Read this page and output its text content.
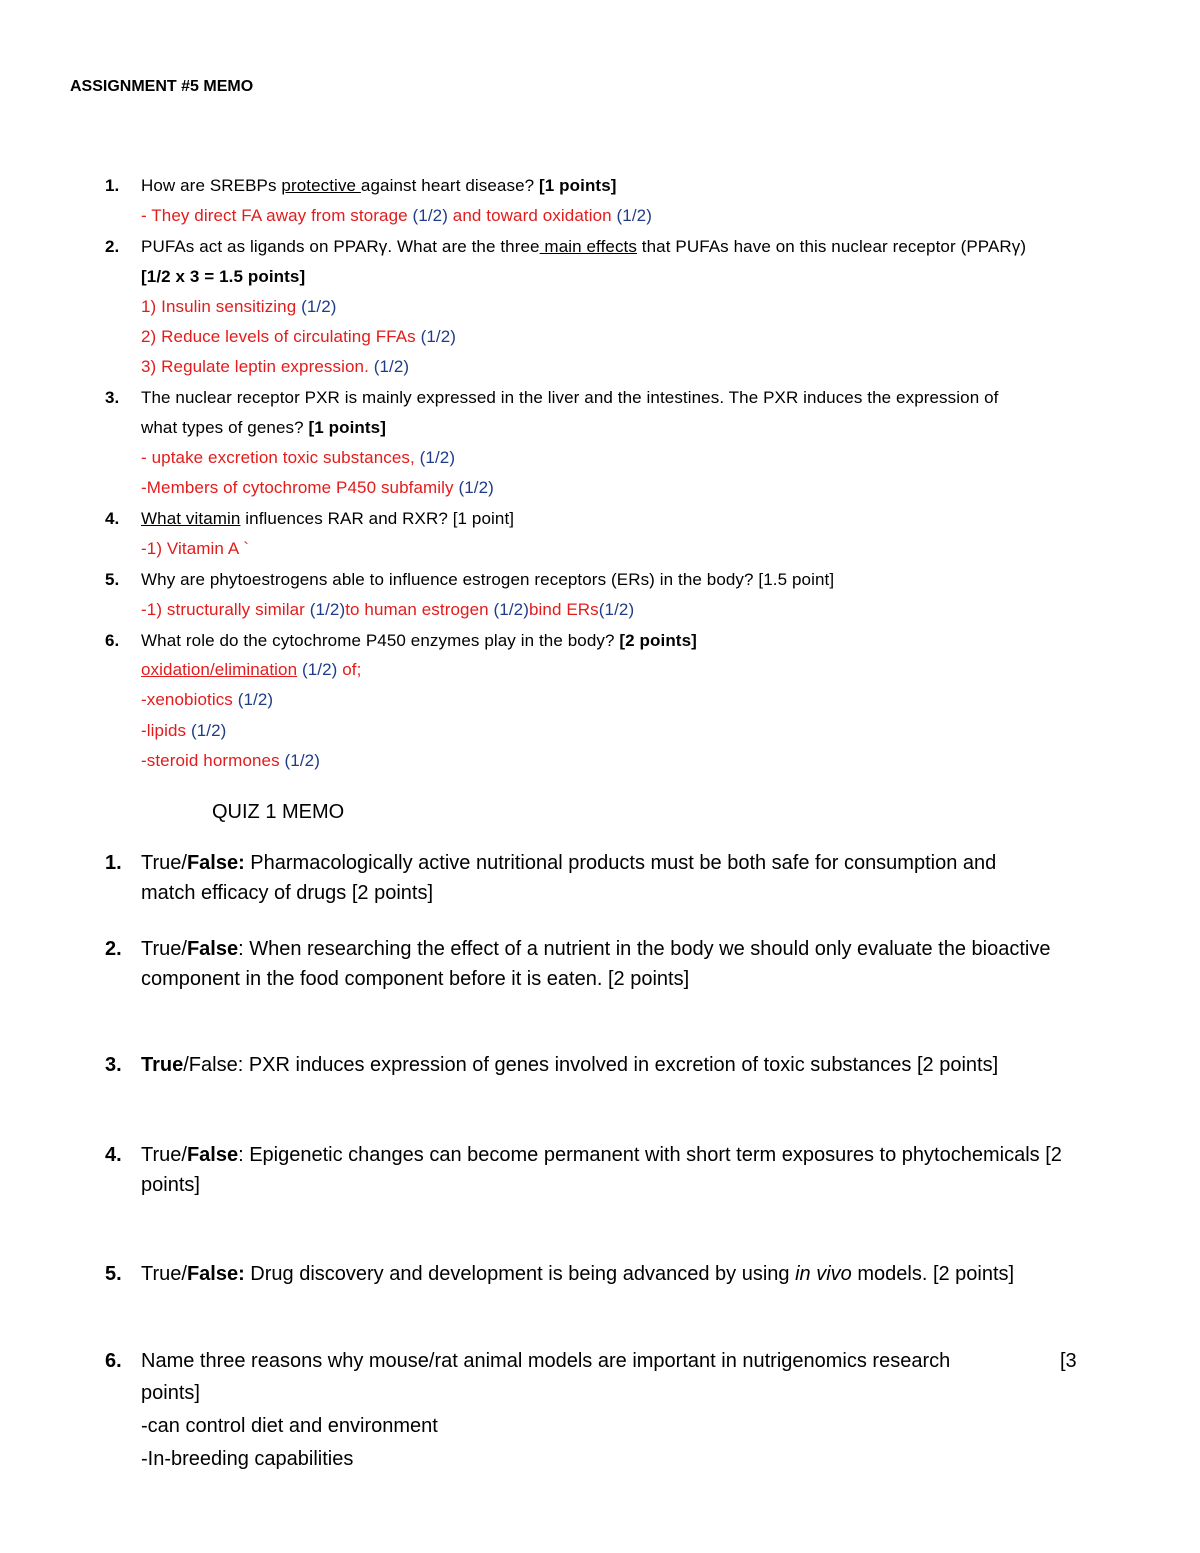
ASSIGNMENT #5 MEMO
1. How are SREBPs protective against heart disease? [1 points]
- They direct FA away from storage (1/2) and toward oxidation (1/2)
2. PUFAs act as ligands on PPARγ. What are the three main effects that PUFAs have on this nuclear receptor (PPARγ)
[1/2 x 3 = 1.5 points]
1) Insulin sensitizing (1/2)
2) Reduce levels of circulating FFAs (1/2)
3) Regulate leptin expression. (1/2)
3. The nuclear receptor PXR is mainly expressed in the liver and the intestines. The PXR induces the expression of
what types of genes? [1 points]
- uptake excretion toxic substances, (1/2)
-Members of cytochrome P450 subfamily (1/2)
4. What vitamin influences RAR and RXR? [1 point]
-1) Vitamin A `
5. Why are phytoestrogens able to influence estrogen receptors (ERs) in the body? [1.5 point]
-1) structurally similar (1/2)to human estrogen (1/2)bind ERs(1/2)
6. What role do the cytochrome P450 enzymes play in the body? [2 points]
oxidation/elimination (1/2) of;
-xenobiotics (1/2)
-lipids (1/2)
-steroid hormones (1/2)
QUIZ 1 MEMO
1. True/False: Pharmacologically active nutritional products must be both safe for consumption and
match efficacy of drugs [2 points]
2. True/False: When researching the effect of a nutrient in the body we should only evaluate the bioactive
component in the food component before it is eaten. [2 points]
3. True/False: PXR induces expression of genes involved in excretion of toxic substances [2 points]
4. True/False: Epigenetic changes can become permanent with short term exposures to phytochemicals [2
points]
5. True/False: Drug discovery and development is being advanced by using in vivo models. [2 points]
6. Name three reasons why mouse/rat animal models are important in nutrigenomics research	[3
points]
-can control diet and environment
-In-breeding capabilities
